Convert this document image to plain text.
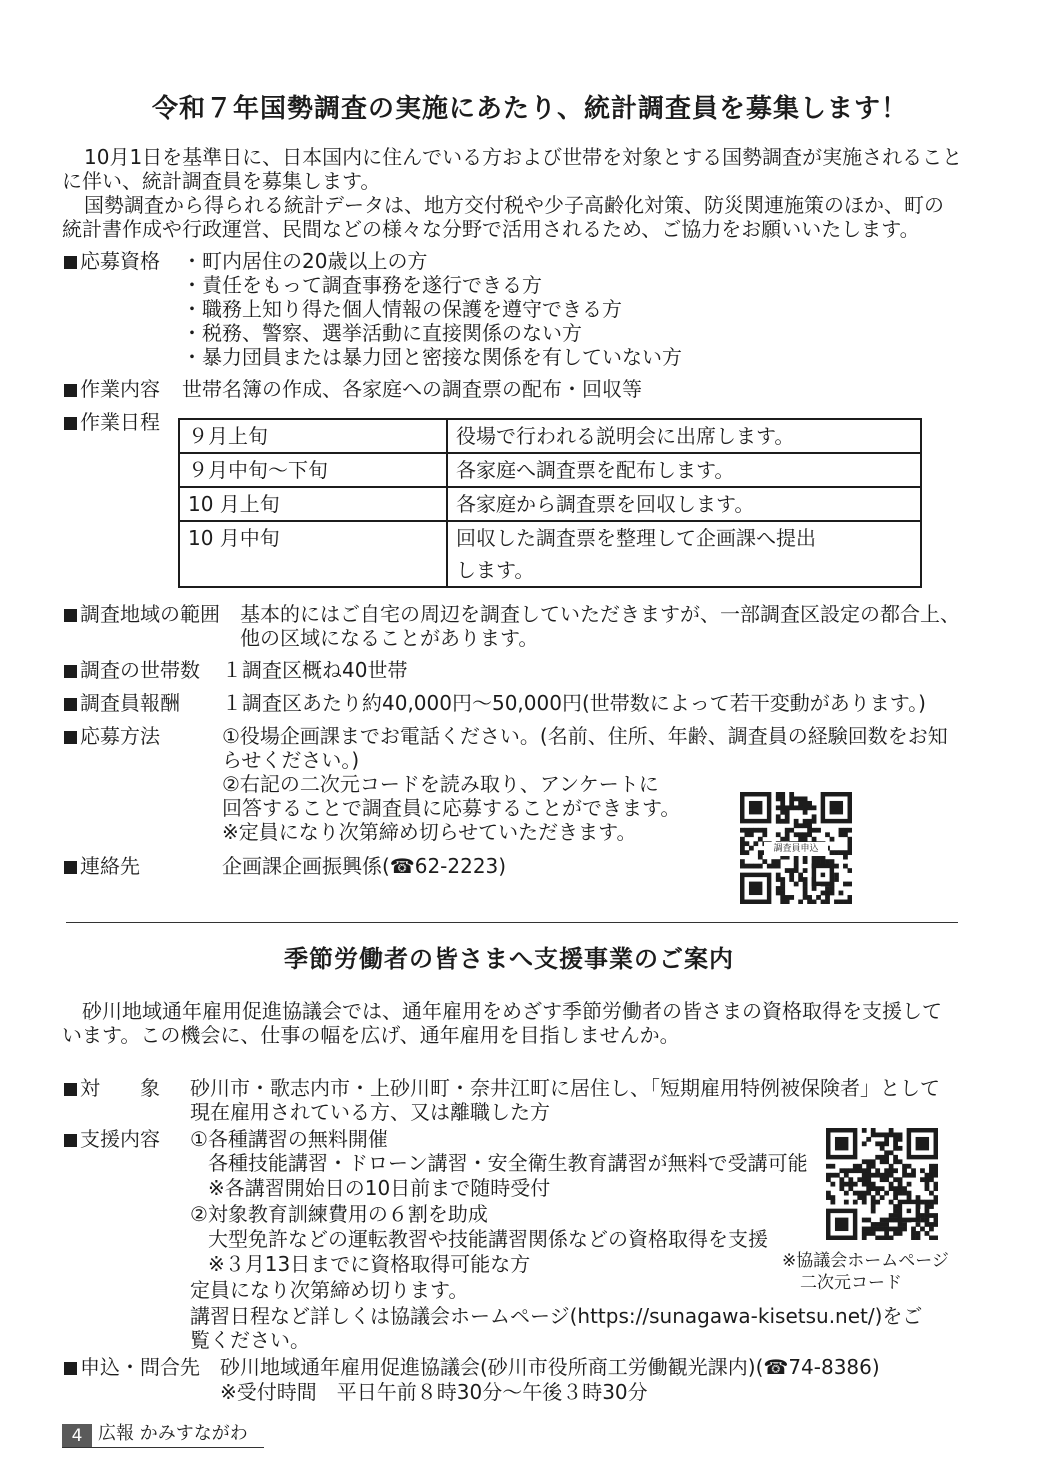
令和７年国勢調査の実施にあたり、統計調査員を募集します！
10月1日を基準日に、日本国内に住んでいる方および世帯を対象とする国勢調査が実施されること
に伴い、統計調査員を募集します。
国勢調査から得られる統計データは、地方交付税や少子高齢化対策、防災関連施策のほか、町の
統計書作成や行政運営、民間などの様々な分野で活用されるため、ご協力をお願いいたします。
応募資格 ・町内居住の20歳以上の方
・責任をもって調査事務を遂行できる方
・職務上知り得た個人情報の保護を遵守できる方
・税務、警察、選挙活動に直接関係のない方
・暴力団員または暴力団と密接な関係を有していない方
作業内容 世帯名簿の作成、各家庭への調査票の配布・回収等
作業日程
９月上旬	役場で行われる説明会に出席します。
９月中旬～下旬	各家庭へ調査票を配布します。
10 月上旬	各家庭から調査票を回収します。
10 月中旬	回収した調査票を整理して企画課へ提出
します。
調査地域の範囲 基本的にはご自宅の周辺を調査していただきますが、一部調査区設定の都合上、
他の区域になることがあります。
調査の世帯数 １調査区概ね40世帯
調査員報酬 １調査区あたり約40,000円～50,000円(世帯数によって若干変動があります。)
応募方法	①役場企画課までお電話ください。(名前、住所、年齢、調査員の経験回数をお知
らせください。)
②右記の二次元コードを読み取り、アンケートに
回答することで調査員に応募することができます。
※定員になり次第締め切らせていただきます。
連絡先	企画課企画振興係(☎62-2223)
調査員申込
季節労働者の皆さまへ支援事業のご案内
砂川地域通年雇用促進協議会では、通年雇用をめざす季節労働者の皆さまの資格取得を支援して
います。この機会に、仕事の幅を広げ、通年雇用を目指しませんか。
対　　象 砂川市・歌志内市・上砂川町・奈井江町に居住し、「短期雇用特例被保険者」として
現在雇用されている方、又は離職した方
支援内容 ①各種講習の無料開催
各種技能講習・ドローン講習・安全衛生教育講習が無料で受講可能
※各講習開始日の10日前まで随時受付
②対象教育訓練費用の６割を助成
大型免許などの運転教習や技能講習関係などの資格取得を支援
※３月13日までに資格取得可能な方
定員になり次第締め切ります。
講習日程など詳しくは協議会ホームページ(https://sunagawa-kisetsu.net/)をご
覧ください。
※協議会ホームページ
二次元コード
申込・問合先 砂川地域通年雇用促進協議会(砂川市役所商工労働観光課内)(☎74-8386)
※受付時間　平日午前８時30分～午後３時30分
4 広報 かみすながわ
